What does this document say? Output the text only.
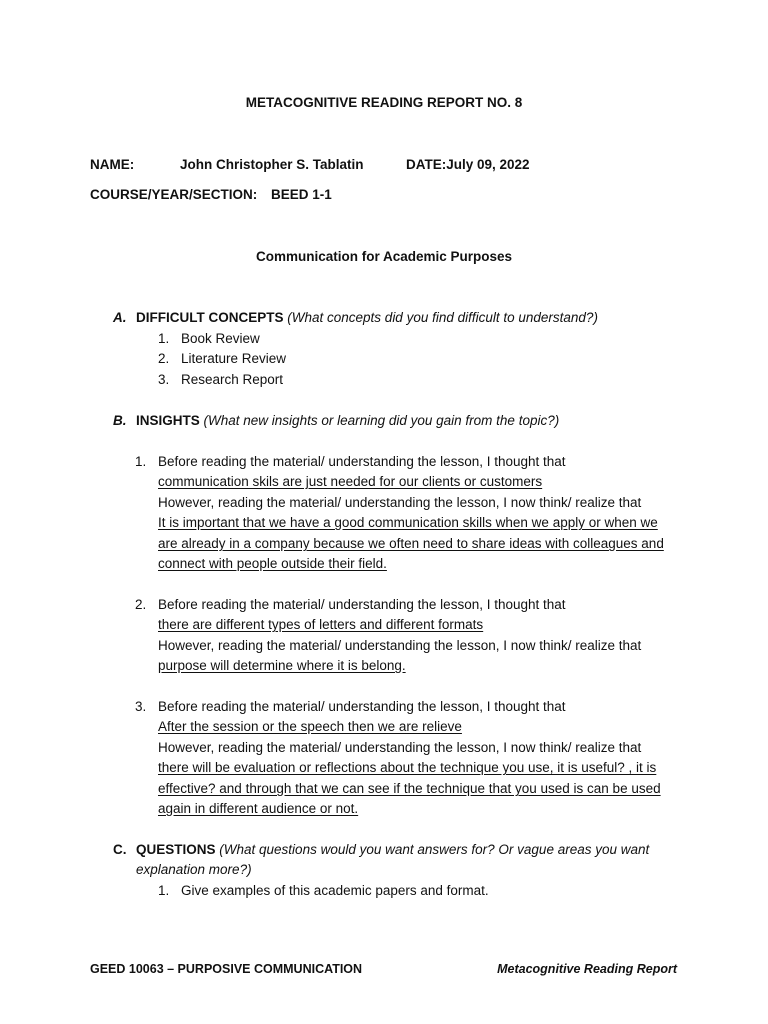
METACOGNITIVE READING REPORT NO. 8
NAME:	John Christopher S. Tablatin	DATE:July 09, 2022
COURSE/YEAR/SECTION: BEED 1-1
Communication for Academic Purposes
A. DIFFICULT CONCEPTS (What concepts did you find difficult to understand?)
1. Book Review
2. Literature Review
3. Research Report
B. INSIGHTS (What new insights or learning did you gain from the topic?)
1. Before reading the material/ understanding the lesson, I thought that
communication skils are just needed for our clients or customers
However, reading the material/ understanding the lesson, I now think/ realize that
It is important that we have a good communication skills when we apply or when we
are already in a company because we often need to share ideas with colleagues and
connect with people outside their field.
2. Before reading the material/ understanding the lesson, I thought that
there are different types of letters and different formats
However, reading the material/ understanding the lesson, I now think/ realize that
purpose will determine where it is belong.
3. Before reading the material/ understanding the lesson, I thought that
After the session or the speech then we are relieve
However, reading the material/ understanding the lesson, I now think/ realize that
there will be evaluation or reflections about the technique you use, it is useful? , it is
effective? and through that we can see if the technique that you used is can be used
again in different audience or not.
C. QUESTIONS (What questions would you want answers for? Or vague areas you want
explanation more?)
1. Give examples of this academic papers and format.
GEED 10063 – PURPOSIVE COMMUNICATION	Metacognitive Reading Report
